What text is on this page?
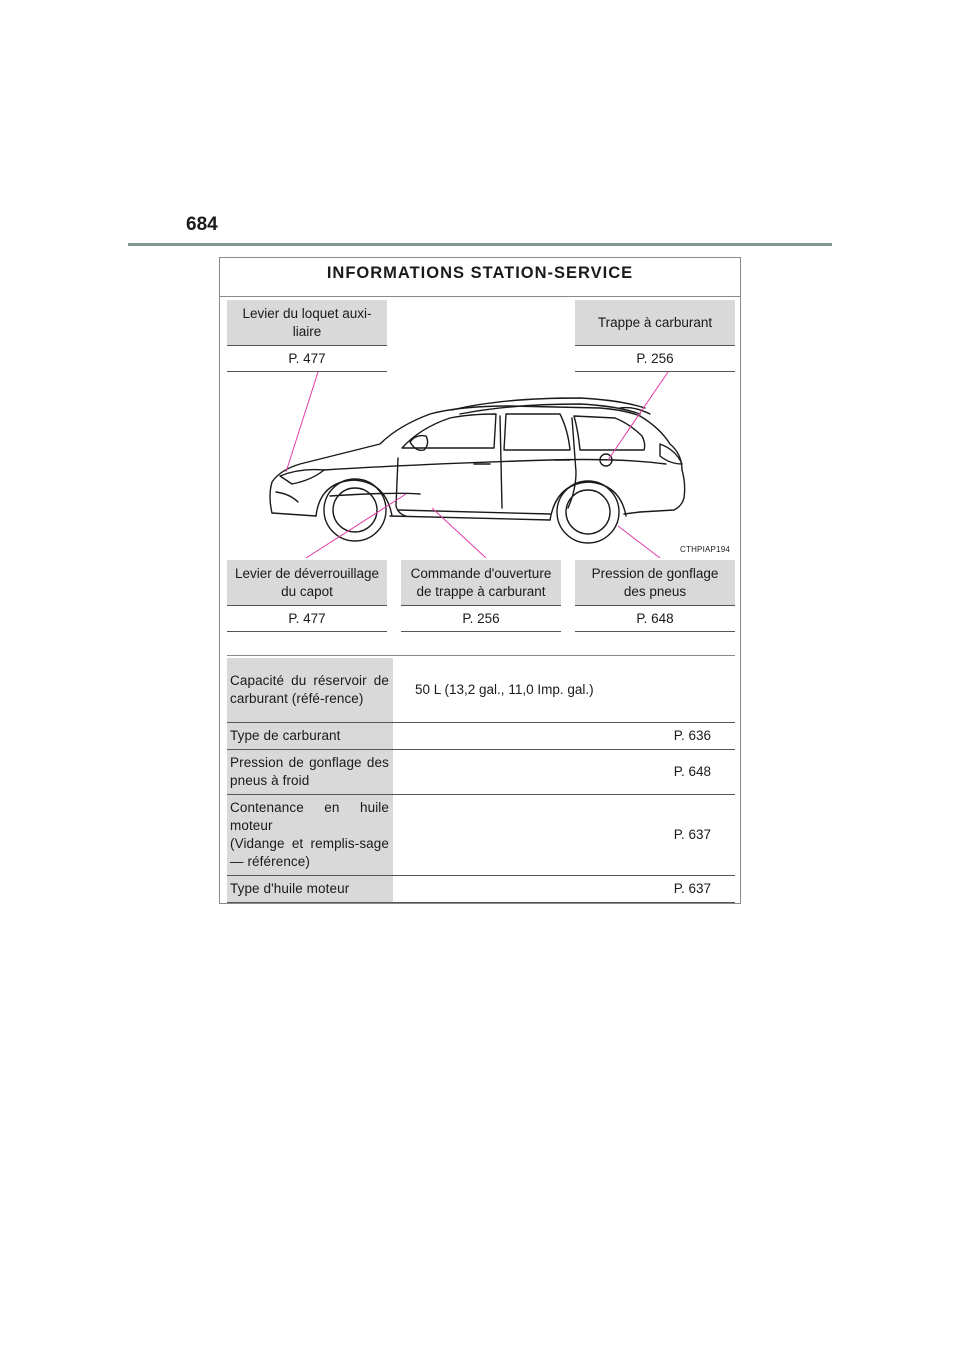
684
INFORMATIONS STATION-SERVICE
Levier du loquet auxi-
liaire
P. 477
Trappe à carburant
P. 256
CTHPIAP194
Levier de déverrouillage
du capot
P. 477
Commande d'ouverture
de trappe à carburant
P. 256
Pression de gonflage
des pneus
P. 648
Capacité du réservoir de carburant (réfé-rence)	50 L (13,2 gal., 11,0 Imp. gal.)
Type de carburant	P. 636
Pression de gonflage des pneus à froid	P. 648
Contenance en huile moteur
(Vidange et remplis-sage — référence)	P. 637
Type d'huile moteur	P. 637
